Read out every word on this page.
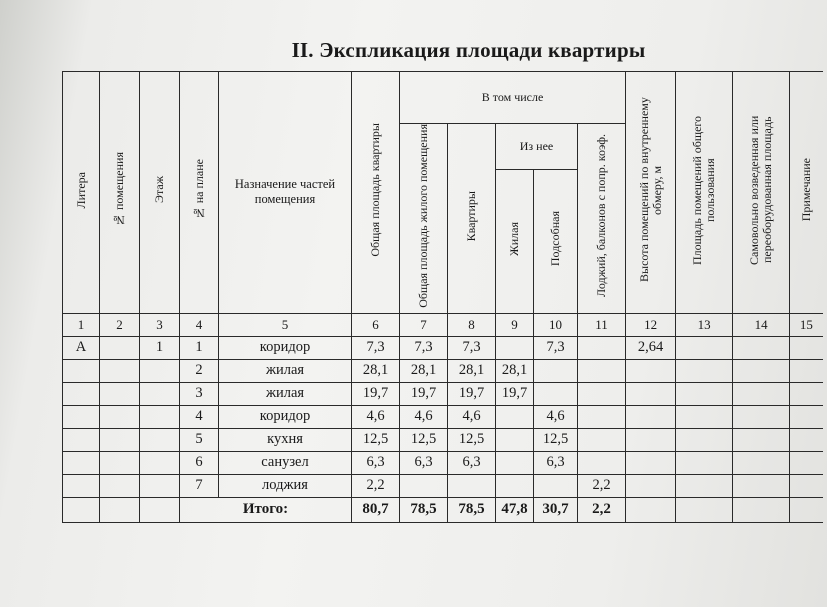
II. Экспликация площади квартиры
Литера	№ помещения	Этаж	№ на плане	Назначение частей помещения	Общая площадь квартиры	В том числе					Высота помещений по внутреннему обмеру, м	Площадь помещений общего пользования	Самовольно возведенная или переоборудованная площадь	Примечание
						Общая площадь жилого помещения	Квартиры	Из нее		Лоджий, балконов с попр. коэф.				
								Жилая	Подсобная					
1	2	3	4	5	6	7	8	9	10	11	12	13	14	15
А		1	1	коридор	7,3	7,3	7,3		7,3		2,64			
			2	жилая	28,1	28,1	28,1	28,1						
			3	жилая	19,7	19,7	19,7	19,7						
			4	коридор	4,6	4,6	4,6		4,6					
			5	кухня	12,5	12,5	12,5		12,5					
			6	санузел	6,3	6,3	6,3		6,3					
			7	лоджия	2,2					2,2				
			Итого:		80,7	78,5	78,5	47,8	30,7	2,2				
